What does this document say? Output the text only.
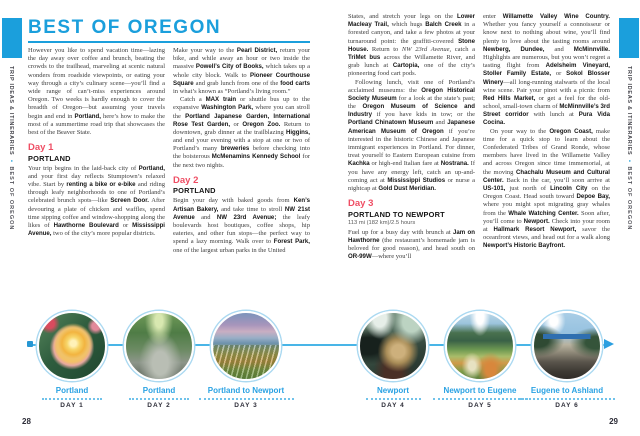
TRIP IDEAS & ITINERARIES • BEST OF OREGON
TRIP IDEAS & ITINERARIES • BEST OF OREGON
BEST OF OREGON

However you like to spend vacation time—lazing the day away over coffee and brunch, beating the crowds to the trailhead, marveling at scenic natural wonders from roadside viewpoints, or eating your way through a city’s culinary scene—you’ll find a wide range of can’t-miss experiences around Oregon. Two weeks is hardly enough to cover the breadth of Oregon—but assuming your travels begin and end in Portland, here’s how to make the most of a summertime road trip that showcases the best of the Beaver State.

Day 1
PORTLAND

Your trip begins in the laid-back city of Portland, and your first day reflects Stumptown’s relaxed vibe. Start by renting a bike or e-bike and riding through leafy neighborhoods to one of Portland’s celebrated brunch spots—like Screen Door. After devouring a plate of chicken and waffles, spend time sipping coffee and window-shopping along the likes of Hawthorne Boulevard or Mississippi Avenue, two of the city’s more popular districts.

Make your way to the Pearl District, return your bike, and while away an hour or two inside the massive Powell’s City of Books, which takes up a whole city block. Walk to Pioneer Courthouse Square and grab lunch from one of the food carts in what’s known as “Portland’s living room.”

Catch a MAX train or shuttle bus up to the expansive Washington Park, where you can stroll the Portland Japanese Garden, International Rose Test Garden, or Oregon Zoo. Return to downtown, grab dinner at the trailblazing Higgins, and end your evening with a stop at one or two of Portland’s many breweries before checking into the boisterous McMenamins Kennedy School for the next two nights.

Day 2
PORTLAND

Begin your day with baked goods from Ken’s Artisan Bakery, and take time to stroll NW 21st Avenue and NW 23rd Avenue; the leafy boulevards host boutiques, coffee shops, hip eateries, and other fun stops—the perfect way to spend a lazy morning. Walk over to Forest Park, one of the largest urban parks in the United

States, and stretch your legs on the Lower Macleay Trail, which hugs Balch Creek in a forested canyon, and take a few photos at your turnaround point: the graffiti-covered Stone House. Return to NW 23rd Avenue, catch a TriMet bus across the Willamette River, and grab lunch at Cartopia, one of the city’s pioneering food cart pods.

Following lunch, visit one of Portland’s acclaimed museums: the Oregon Historical Society Museum for a look at the state’s past; the Oregon Museum of Science and Industry if you have kids in tow; or the Portland Chinatown Museum and Japanese American Museum of Oregon if you’re interested in the historic Chinese and Japanese immigrant experiences in Portland. For dinner, treat yourself to Eastern European cuisine from Kachka or high-end Italian fare at Nostrana. If you have any energy left, catch an up-and-coming act at Mississippi Studios or nurse a nightcap at Gold Dust Meridian.

Day 3
PORTLAND TO NEWPORT
113 mi (182 km)/2.5 hours

Fuel up for a busy day with brunch at Jam on Hawthorne (the restaurant’s homemade jam is beloved for good reason), and head south on OR-99W—where you’ll

enter Willamette Valley Wine Country. Whether you fancy yourself a connoisseur or know next to nothing about wine, you’ll find plenty to love about the tasting rooms around Newberg, Dundee, and McMinnville. Highlights are numerous, but you won’t regret a tasting flight from Adelsheim Vineyard, Stoller Family Estate, or Sokol Blosser Winery—all long-running stalwarts of the local wine scene. Pair your pinot with a picnic from Red Hills Market, or get a feel for the old-school, small-town charm of McMinnville’s 3rd Street corridor with lunch at Pura Vida Cocina.

On your way to the Oregon Coast, make time for a quick stop to learn about the Confederated Tribes of Grand Ronde, whose members have lived in the Willamette Valley and across Oregon since time immemorial, at the moving Chachalu Museum and Cultural Center. Back in the car, you’ll soon arrive at US-101, just north of Lincoln City on the Oregon Coast. Head south toward Depoe Bay, where you might spot migrating gray whales from the Whale Watching Center. Soon after, you’ll come to Newport. Check into your room at Hallmark Resort Newport, savor the oceanfront views, and head out for a walk along Newport’s Historic Bayfront.

Portland
DAY 1
Portland
DAY 2
Portland to Newport
DAY 3
Newport
DAY 4
Newport to Eugene
DAY 5
Eugene to Ashland
DAY 6
28	29
